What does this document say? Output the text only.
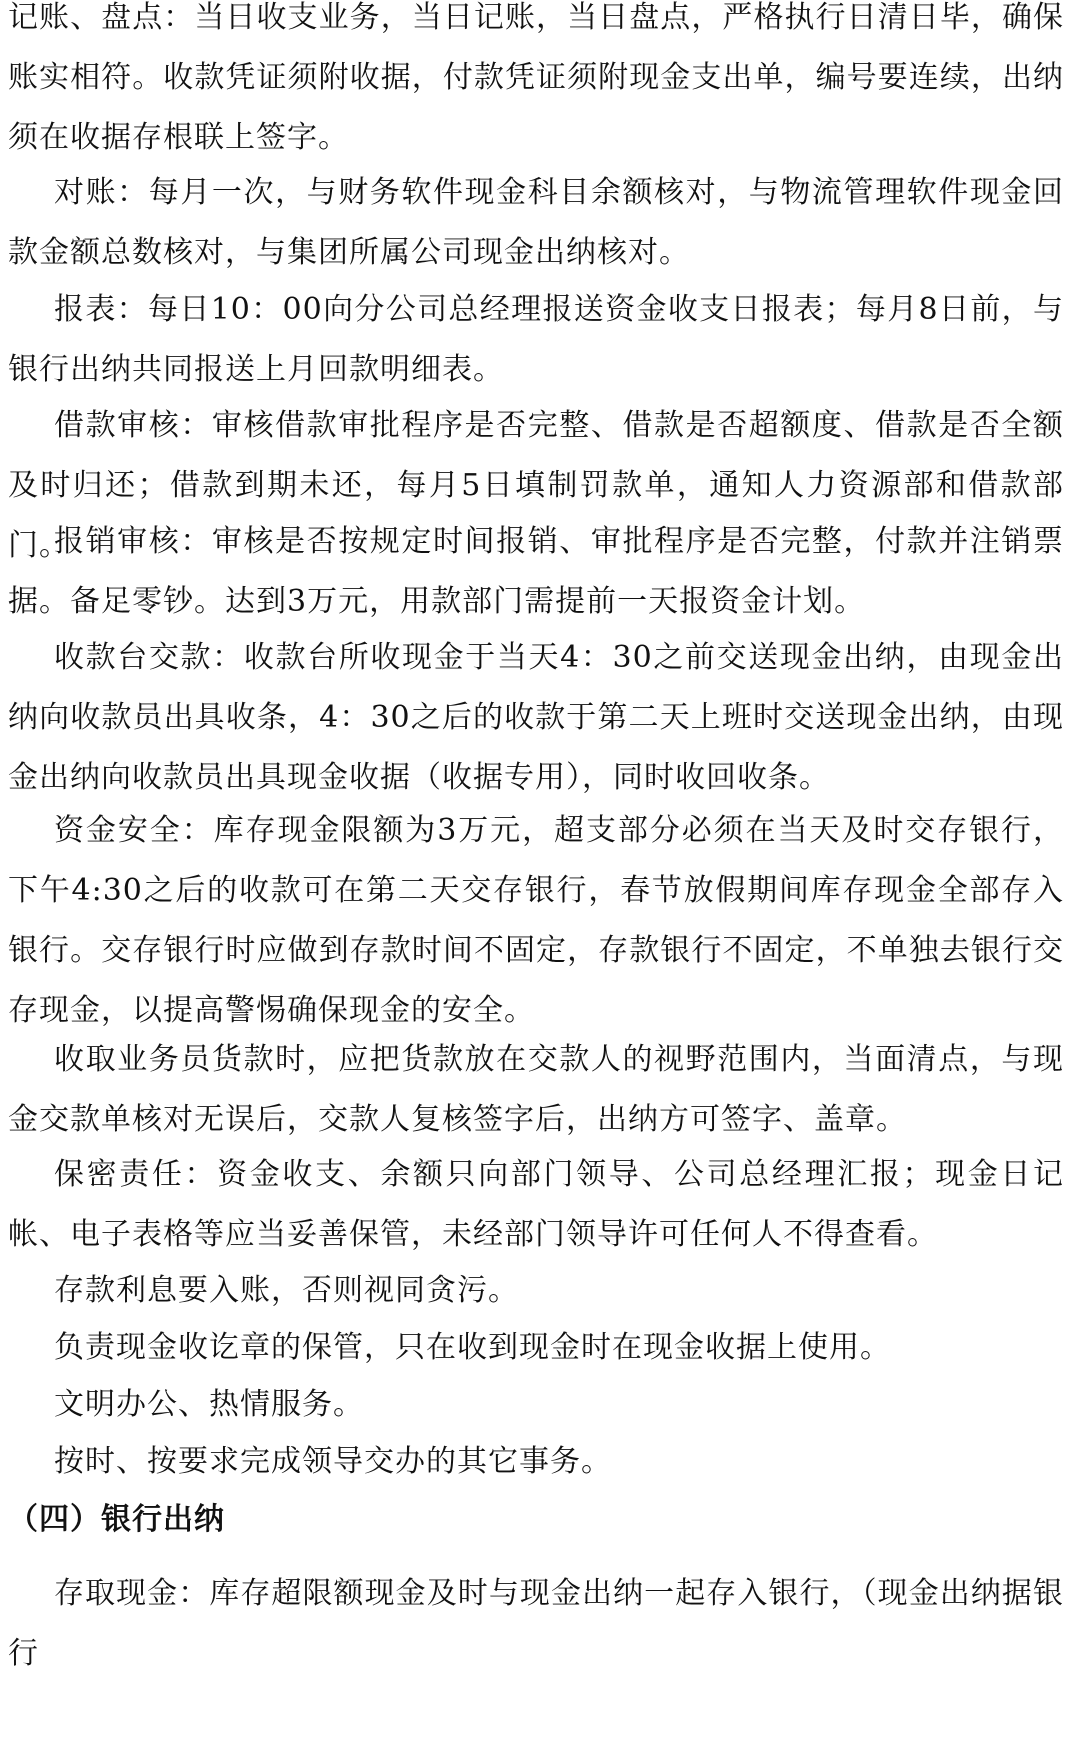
记账、盘点：当日收支业务，当日记账，当日盘点，严格执行日清日毕，确保账实相符。收款凭证须附收据，付款凭证须附现金支出单，编号要连续，出纳须在收据存根联上签字。

对账：每月一次，与财务软件现金科目余额核对，与物流管理软件现金回款金额总数核对，与集团所属公司现金出纳核对。

报表：每日10：00向分公司总经理报送资金收支日报表；每月8日前，与银行出纳共同报送上月回款明细表。

借款审核：审核借款审批程序是否完整、借款是否超额度、借款是否全额及时归还；借款到期未还，每月5日填制罚款单，通知人力资源部和借款部门。

报销审核：审核是否按规定时间报销、审批程序是否完整，付款并注销票据。备足零钞。达到3万元，用款部门需提前一天报资金计划。

收款台交款：收款台所收现金于当天4：30之前交送现金出纳，由现金出纳向收款员出具收条，4：30之后的收款于第二天上班时交送现金出纳，由现金出纳向收款员出具现金收据（收据专用），同时收回收条。

资金安全：库存现金限额为3万元，超支部分必须在当天及时交存银行，下午4:30之后的收款可在第二天交存银行，春节放假期间库存现金全部存入银行。交存银行时应做到存款时间不固定，存款银行不固定，不单独去银行交存现金，以提高警惕确保现金的安全。

收取业务员货款时，应把货款放在交款人的视野范围内，当面清点，与现金交款单核对无误后，交款人复核签字后，出纳方可签字、盖章。

保密责任：资金收支、余额只向部门领导、公司总经理汇报；现金日记帐、电子表格等应当妥善保管，未经部门领导许可任何人不得查看。

存款利息要入账，否则视同贪污。

负责现金收讫章的保管，只在收到现金时在现金收据上使用。

文明办公、热情服务。

按时、按要求完成领导交办的其它事务。

（四）银行出纳

存取现金：库存超限额现金及时与现金出纳一起存入银行，（现金出纳据银行
